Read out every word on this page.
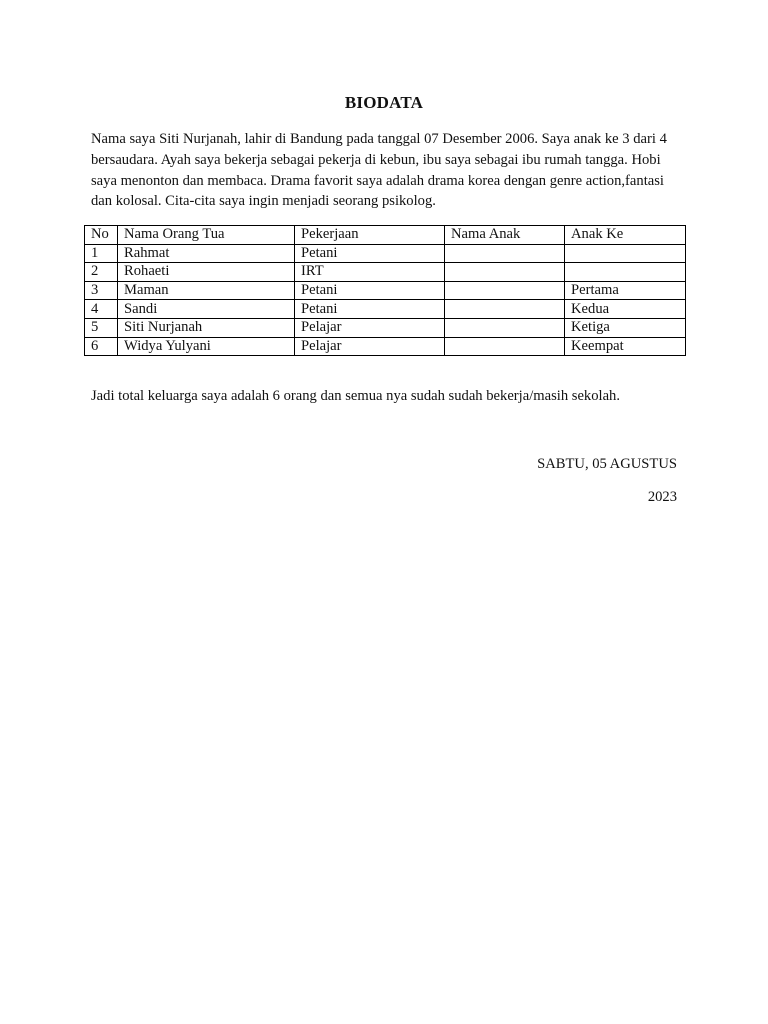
BIODATA
Nama saya Siti Nurjanah, lahir di Bandung pada tanggal 07 Desember 2006. Saya anak ke 3 dari 4 bersaudara. Ayah saya bekerja sebagai pekerja di kebun, ibu saya sebagai ibu rumah tangga. Hobi saya menonton dan membaca. Drama favorit saya adalah drama korea dengan genre action,fantasi dan kolosal. Cita-cita saya ingin menjadi seorang psikolog.
No	Nama Orang Tua	Pekerjaan	Nama Anak	Anak Ke
1	Rahmat	Petani		
2	Rohaeti	IRT		
3	Maman	Petani		Pertama
4	Sandi	Petani		Kedua
5	Siti Nurjanah	Pelajar		Ketiga
6	Widya Yulyani	Pelajar		Keempat
Jadi total keluarga saya adalah 6 orang dan semua nya sudah sudah bekerja/masih sekolah.
SABTU, 05 AGUSTUS
2023
